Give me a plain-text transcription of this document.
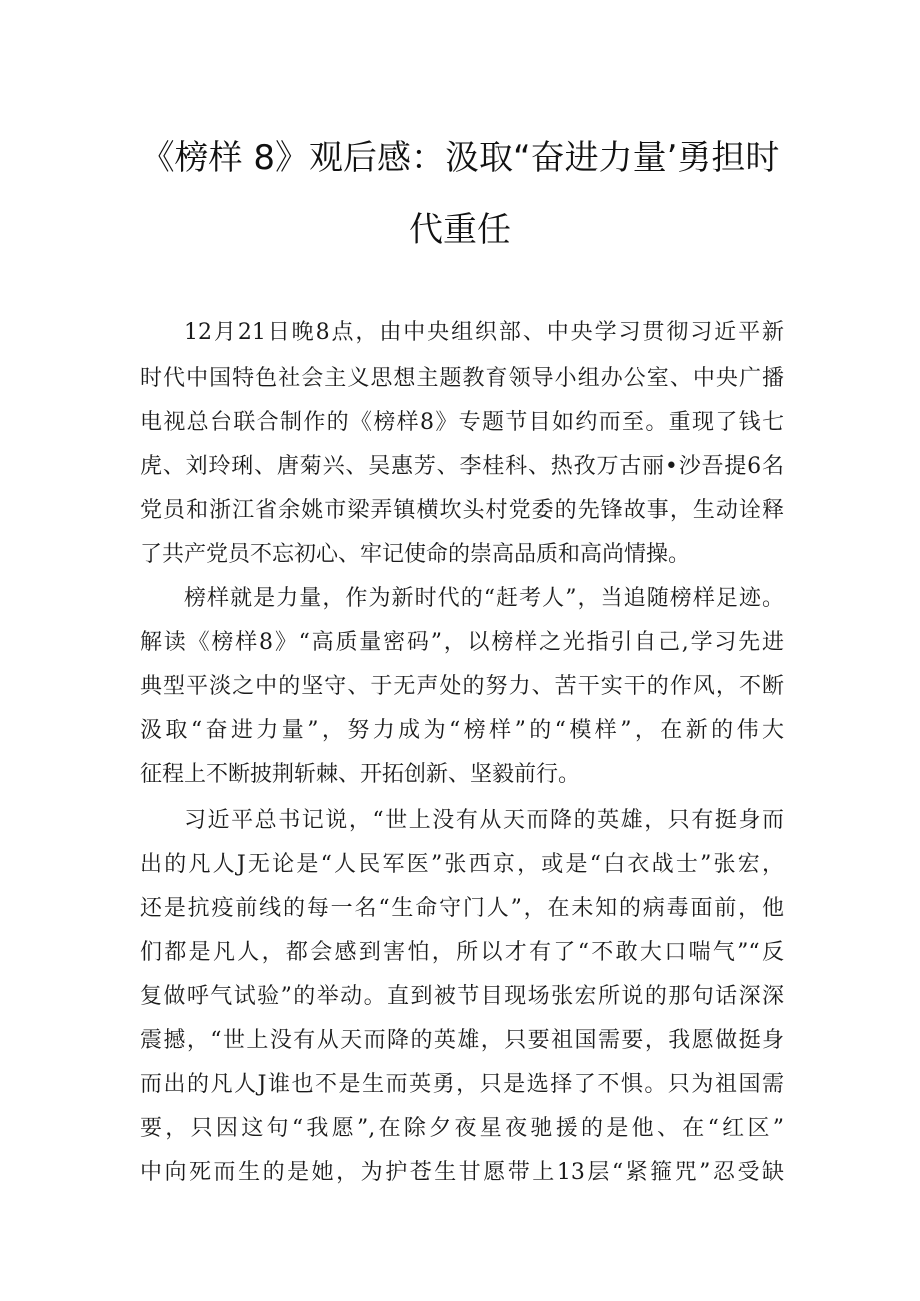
《榜样 8》观后感：汲取“奋进力量’勇担时
代重任
12月21日晚8点，由中央组织部、中央学习贯彻习近平新
时代中国特色社会主义思想主题教育领导小组办公室、中央广播
电视总台联合制作的《榜样8》专题节目如约而至。重现了钱七
虎、刘玲琍、唐菊兴、吴惠芳、李桂科、热孜万古丽•沙吾提6名
党员和浙江省余姚市梁弄镇横坎头村党委的先锋故事，生动诠释
了共产党员不忘初心、牢记使命的崇高品质和高尚情操。
榜样就是力量，作为新时代的“赶考人”，当追随榜样足迹。
解读《榜样8》“高质量密码”，以榜样之光指引自己,学习先进
典型平淡之中的坚守、于无声处的努力、苦干实干的作风，不断
汲取“奋进力量”，努力成为“榜样”的“模样”，在新的伟大
征程上不断披荆斩棘、开拓创新、坚毅前行。
习近平总书记说，“世上没有从天而降的英雄，只有挺身而
出的凡人J无论是“人民军医”张西京，或是“白衣战士”张宏，
还是抗疫前线的每一名“生命守门人”，在未知的病毒面前，他
们都是凡人，都会感到害怕，所以才有了“不敢大口喘气”“反
复做呼气试验”的举动。直到被节目现场张宏所说的那句话深深
震撼，“世上没有从天而降的英雄，只要祖国需要，我愿做挺身
而出的凡人J谁也不是生而英勇，只是选择了不惧。只为祖国需
要，只因这句“我愿”,在除夕夜星夜驰援的是他、在“红区”
中向死而生的是她，为护苍生甘愿带上13层“紧箍咒”忍受缺
